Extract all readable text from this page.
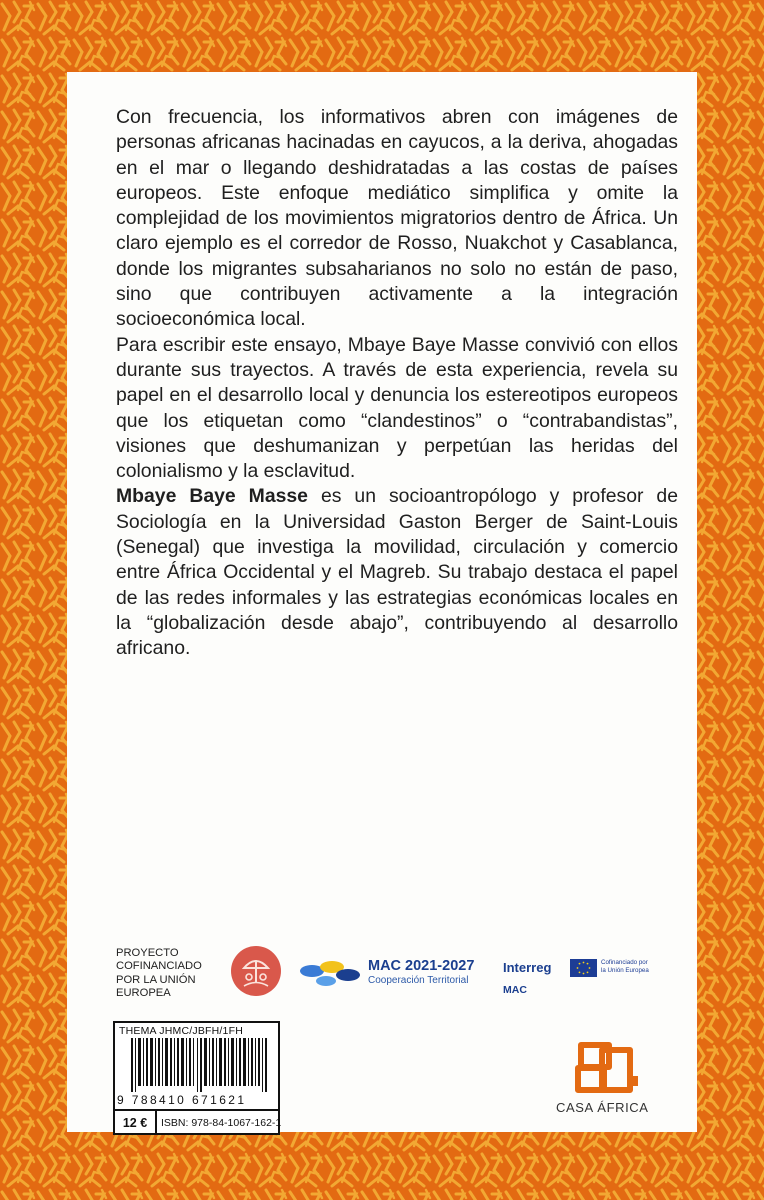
Con frecuencia, los informativos abren con imágenes de personas africanas hacinadas en cayucos, a la deriva, ahogadas en el mar o llegando deshidratadas a las costas de países europeos. Este enfoque mediático simplifica y omite la complejidad de los movimientos migratorios dentro de África. Un claro ejemplo es el corredor de Rosso, Nuakchot y Casablanca, donde los migrantes subsaharianos no solo no están de paso, sino que contribuyen activamente a la integración socioeconómica local.

Para escribir este ensayo, Mbaye Baye Masse convivió con ellos durante sus trayectos. A través de esta experiencia, revela su papel en el desarrollo local y denuncia los estereotipos europeos que los etiquetan como “clandestinos” o “contrabandistas”, visiones que deshumanizan y perpetúan las heridas del colonialismo y la esclavitud.

Mbaye Baye Masse es un socioantropólogo y profesor de Sociología en la Universidad Gaston Berger de Saint-Louis (Senegal) que investiga la movilidad, circulación y comercio entre África Occidental y el Magreb. Su trabajo destaca el papel de las redes informales y las estrategias económicas locales en la “globalización desde abajo”, contribuyendo al desarrollo africano.

PROYECTO
COFINANCIADO
POR LA UNIÓN
EUROPEA
MAC 2021-2027
Cooperación Territorial
Interreg
MAC
Cofinanciado por
la Unión Europea
THEMA JHMC/JBFH/1FH
9 788410 671621
12 €	ISBN: 978-84-1067-162-1
CASA ÁFRICA
